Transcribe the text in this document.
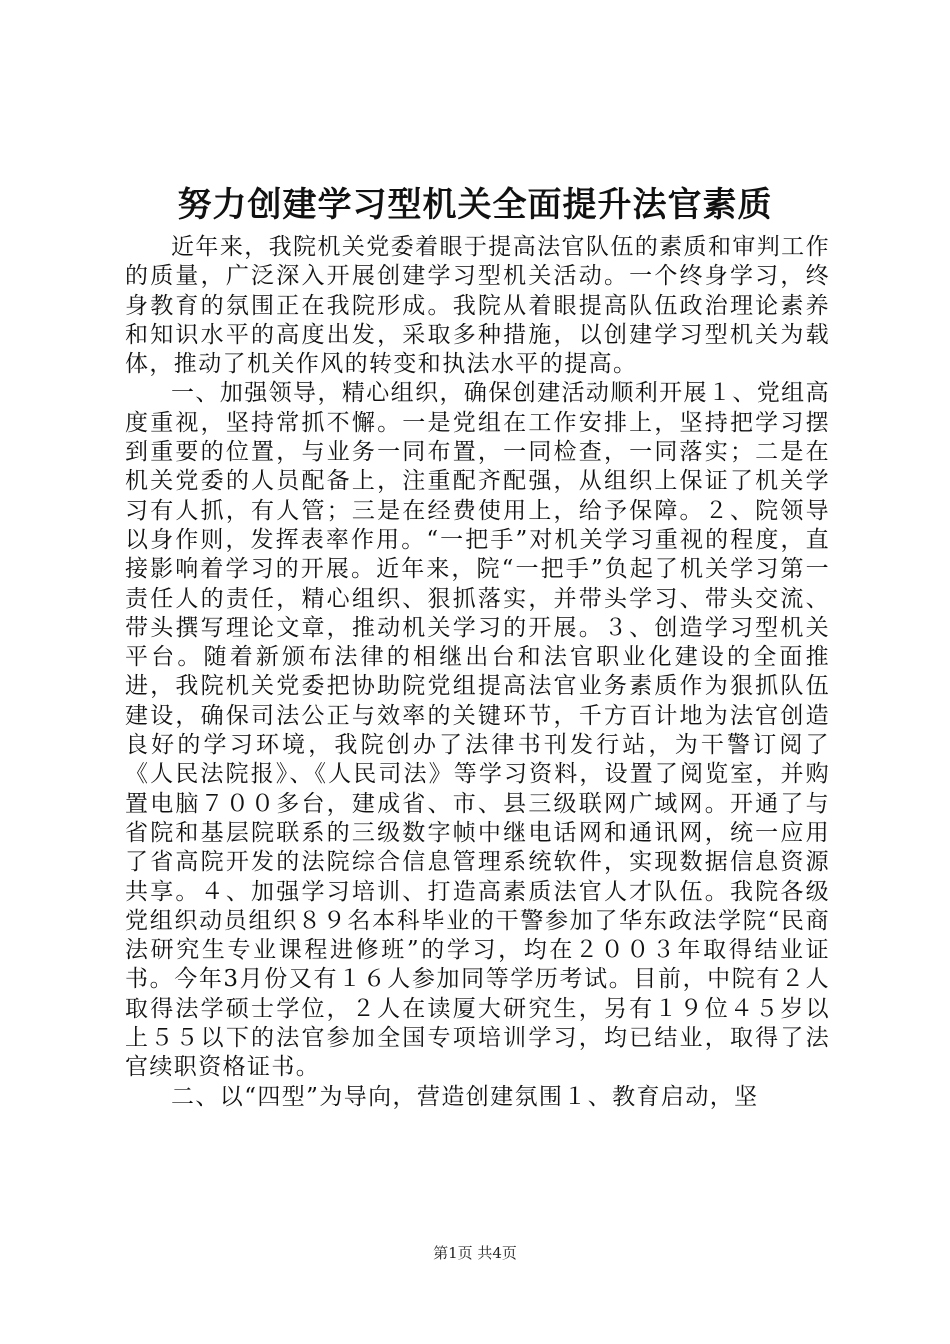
努力创建学习型机关全面提升法官素质

近年来，我院机关党委着眼于提高法官队伍的素质和审判工作的质量，广泛深入开展创建学习型机关活动。一个终身学习，终身教育的氛围正在我院形成。我院从着眼提高队伍政治理论素养和知识水平的高度出发，采取多种措施，以创建学习型机关为载体，推动了机关作风的转变和执法水平的提高。

一、加强领导，精心组织，确保创建活动顺利开展１、党组高度重视，坚持常抓不懈。一是党组在工作安排上，坚持把学习摆到重要的位置，与业务一同布置，一同检查，一同落实；二是在机关党委的人员配备上，注重配齐配强，从组织上保证了机关学习有人抓，有人管；三是在经费使用上，给予保障。２、院领导以身作则，发挥表率作用。“一把手”对机关学习重视的程度，直接影响着学习的开展。近年来，院“一把手”负起了机关学习第一责任人的责任，精心组织、狠抓落实，并带头学习、带头交流、带头撰写理论文章，推动机关学习的开展。３、创造学习型机关平台。随着新颁布法律的相继出台和法官职业化建设的全面推进，我院机关党委把协助院党组提高法官业务素质作为狠抓队伍建设，确保司法公正与效率的关键环节，千方百计地为法官创造良好的学习环境，我院创办了法律书刊发行站，为干警订阅了《人民法院报》、《人民司法》等学习资料，设置了阅览室，并购置电脑７００多台，建成省、市、县三级联网广域网。开通了与省院和基层院联系的三级数字帧中继电话网和通讯网，统一应用了省高院开发的法院综合信息管理系统软件，实现数据信息资源共享。４、加强学习培训、打造高素质法官人才队伍。我院各级党组织动员组织８９名本科毕业的干警参加了华东政法学院“民商法研究生专业课程进修班”的学习，均在２００３年取得结业证书。今年3月份又有１６人参加同等学历考试。目前，中院有２人取得法学硕士学位，２人在读厦大研究生，另有１９位４５岁以上５５以下的法官参加全国专项培训学习，均已结业，取得了法官续职资格证书。

二、以“四型”为导向，营造创建氛围１、教育启动，坚

第1页 共4页
